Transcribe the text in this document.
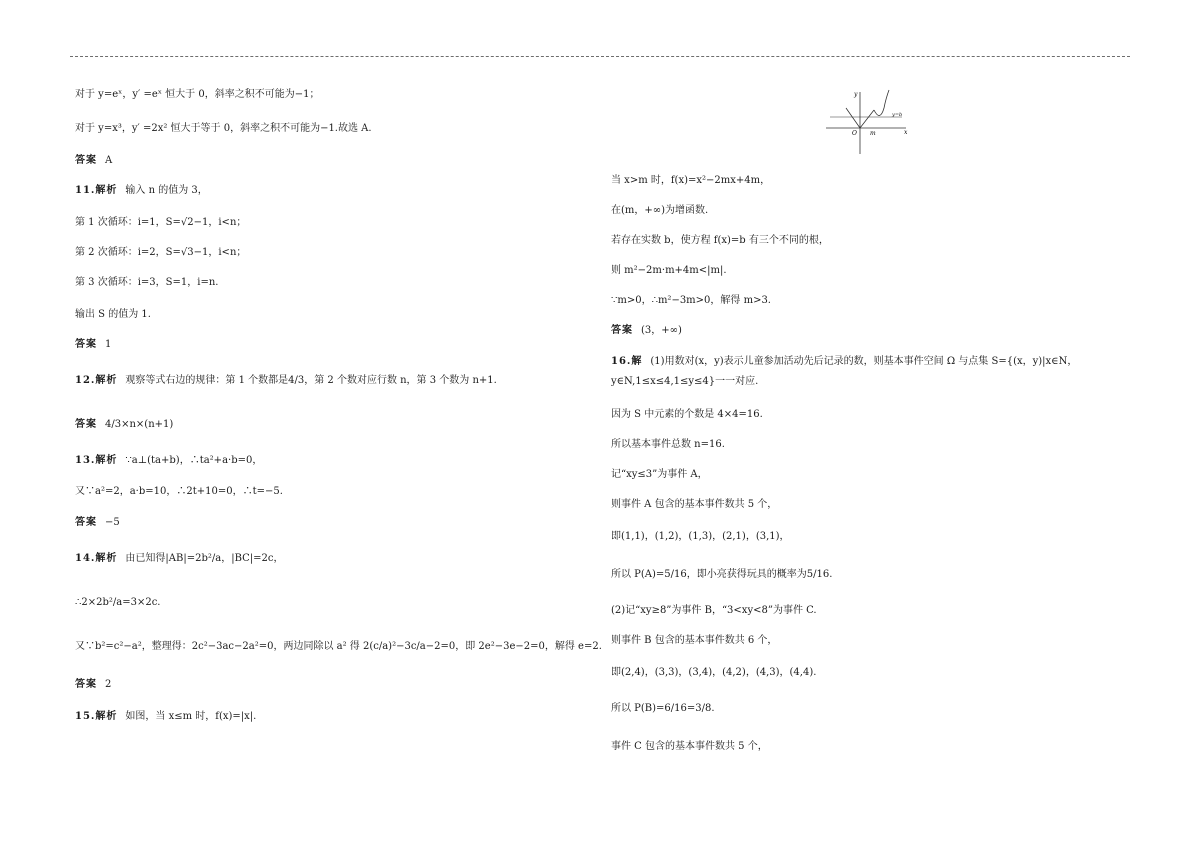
对于 y=eˣ，y′ =eˣ 恒大于 0，斜率之积不可能为−1；
对于 y=x³，y′ =2x² 恒大于等于 0，斜率之积不可能为−1.故选 A.
答案 A
11.解析 输入 n 的值为 3，
第 1 次循环：i=1，S=√2−1，i<n；
第 2 次循环：i=2，S=√3−1，i<n；
第 3 次循环：i=3，S=1，i=n.
输出 S 的值为 1.
答案 1
12.解析 观察等式右边的规律：第 1 个数都是4/3，第 2 个数对应行数 n，第 3 个数为 n+1.
答案 4/3×n×(n+1)
13.解析 ∵a⊥(ta+b)，∴ta²+a·b=0，
又∵a²=2，a·b=10，∴2t+10=0，∴t=−5.
答案 −5
14.解析 由已知得|AB|=2b²/a，|BC|=2c，
∴2×2b²/a=3×2c.
又∵b²=c²−a²，整理得：2c²−3ac−2a²=0，两边同除以 a² 得 2(c/a)²−3c/a−2=0，即 2e²−3e−2=0，解得 e=2.
答案 2
15.解析 如图，当 x≤m 时，f(x)=|x|.
当 x>m 时，f(x)=x²−2mx+4m，
在(m，+∞)为增函数.
若存在实数 b，使方程 f(x)=b 有三个不同的根，
则 m²−2m·m+4m<|m|.
∵m>0，∴m²−3m>0，解得 m>3.
答案 (3，+∞)
16.解 (1)用数对(x，y)表示儿童参加活动先后记录的数，则基本事件空间 Ω 与点集 S={(x，y)|x∈N，y∈N,1≤x≤4,1≤y≤4}一一对应.
因为 S 中元素的个数是 4×4=16.
所以基本事件总数 n=16.
记“xy≤3”为事件 A，
则事件 A 包含的基本事件数共 5 个，
即(1,1)，(1,2)，(1,3)，(2,1)，(3,1)，
所以 P(A)=5/16，即小亮获得玩具的概率为5/16.
(2)记“xy≥8”为事件 B，“3<xy<8”为事件 C.
则事件 B 包含的基本事件数共 6 个，
即(2,4)，(3,3)，(3,4)，(4,2)，(4,3)，(4,4).
所以 P(B)=6/16=3/8.
事件 C 包含的基本事件数共 5 个，
y
x
O m
y=b
